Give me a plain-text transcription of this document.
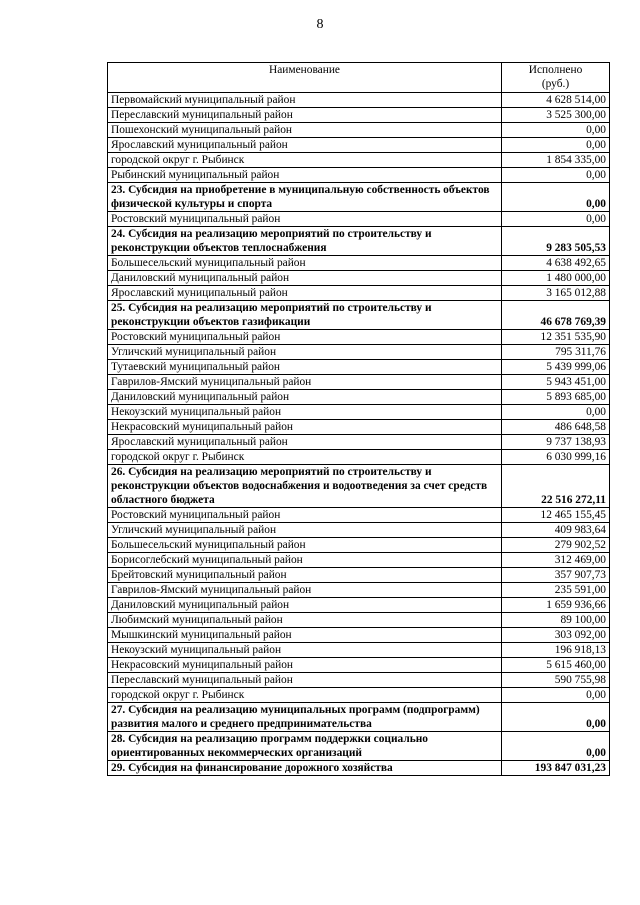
8
Наименование	Исполнено
(руб.)

Первомайский муниципальный район	4 628 514,00
Переславский муниципальный район	3 525 300,00
Пошехонский муниципальный район	0,00
Ярославский муниципальный район	0,00
городской округ г. Рыбинск	1 854 335,00
Рыбинский муниципальный район	0,00
23. Субсидия на приобретение в муниципальную собственность объектов физической культуры и спорта	0,00
Ростовский муниципальный район	0,00
24. Субсидия на реализацию мероприятий по строительству и реконструкции объектов теплоснабжения	9 283 505,53
Большесельский муниципальный район	4 638 492,65
Даниловский муниципальный район	1 480 000,00
Ярославский муниципальный район	3 165 012,88
25. Субсидия на реализацию мероприятий по строительству и реконструкции объектов газификации	46 678 769,39
Ростовский муниципальный район	12 351 535,90
Угличский муниципальный район	795 311,76
Тутаевский муниципальный район	5 439 999,06
Гаврилов-Ямский муниципальный район	5 943 451,00
Даниловский муниципальный район	5 893 685,00
Некоузский муниципальный район	0,00
Некрасовский муниципальный район	486 648,58
Ярославский муниципальный район	9 737 138,93
городской округ г. Рыбинск	6 030 999,16
26. Субсидия на реализацию мероприятий по строительству и реконструкции объектов водоснабжения и водоотведения за счет средств областного бюджета	22 516 272,11
Ростовский муниципальный район	12 465 155,45
Угличский муниципальный район	409 983,64
Большесельский муниципальный район	279 902,52
Борисоглебский муниципальный район	312 469,00
Брейтовский муниципальный район	357 907,73
Гаврилов-Ямский муниципальный район	235 591,00
Даниловский муниципальный район	1 659 936,66
Любимский муниципальный район	89 100,00
Мышкинский муниципальный район	303 092,00
Некоузский муниципальный район	196 918,13
Некрасовский муниципальный район	5 615 460,00
Переславский муниципальный район	590 755,98
городской округ г. Рыбинск	0,00
27. Субсидия на реализацию муниципальных программ (подпрограмм) развития малого и среднего предпринимательства	0,00
28. Субсидия на реализацию программ поддержки социально ориентированных некоммерческих организаций	0,00
29. Субсидия на финансирование дорожного хозяйства	193 847 031,23
